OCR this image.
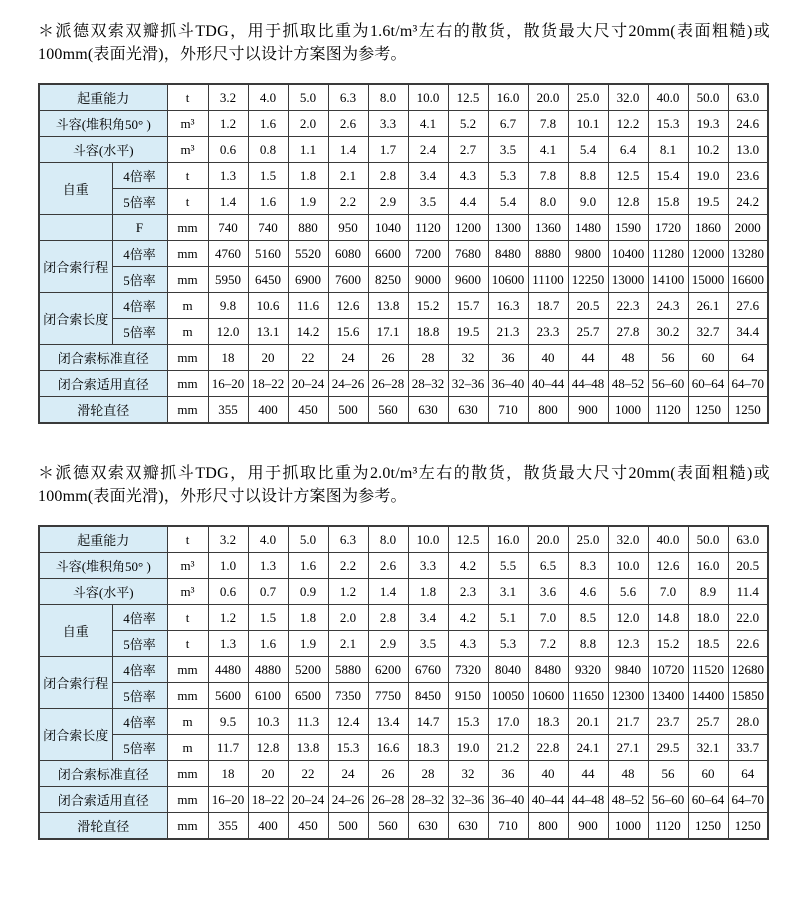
＊派德双索双瓣抓斗TDG，用于抓取比重为1.6t/m³左右的散货，散货最大尺寸20mm(表面粗糙)或100mm(表面光滑)，外形尺寸以设计方案图为参考。

起重能力		t	3.2	4.0	5.0	6.3	8.0	10.0	12.5	16.0	20.0	25.0	32.0	40.0	50.0	63.0
斗容(堆积角50° )		m³	1.2	1.6	2.0	2.6	3.3	4.1	5.2	6.7	7.8	10.1	12.2	15.3	19.3	24.6
斗容(水平)		m³	0.6	0.8	1.1	1.4	1.7	2.4	2.7	3.5	4.1	5.4	6.4	8.1	10.2	13.0
自重	4倍率	t	1.3	1.5	1.8	2.1	2.8	3.4	4.3	5.3	7.8	8.8	12.5	15.4	19.0	23.6
	5倍率	t	1.4	1.6	1.9	2.2	2.9	3.5	4.4	5.4	8.0	9.0	12.8	15.8	19.5	24.2
	F	mm	740	740	880	950	1040	1120	1200	1300	1360	1480	1590	1720	1860	2000
闭合索行程	4倍率	mm	4760	5160	5520	6080	6600	7200	7680	8480	8880	9800	10400	11280	12000	13280
	5倍率	mm	5950	6450	6900	7600	8250	9000	9600	10600	11100	12250	13000	14100	15000	16600
闭合索长度	4倍率	m	9.8	10.6	11.6	12.6	13.8	15.2	15.7	16.3	18.7	20.5	22.3	24.3	26.1	27.6
	5倍率	m	12.0	13.1	14.2	15.6	17.1	18.8	19.5	21.3	23.3	25.7	27.8	30.2	32.7	34.4
闭合索标准直径		mm	18	20	22	24	26	28	32	36	40	44	48	56	60	64
闭合索适用直径		mm	16–20	18–22	20–24	24–26	26–28	28–32	32–36	36–40	40–44	44–48	48–52	56–60	60–64	64–70
滑轮直径		mm	355	400	450	500	560	630	630	710	800	900	1000	1120	1250	1250

＊派德双索双瓣抓斗TDG，用于抓取比重为2.0t/m³左右的散货，散货最大尺寸20mm(表面粗糙)或100mm(表面光滑)，外形尺寸以设计方案图为参考。

起重能力		t	3.2	4.0	5.0	6.3	8.0	10.0	12.5	16.0	20.0	25.0	32.0	40.0	50.0	63.0
斗容(堆积角50° )		m³	1.0	1.3	1.6	2.2	2.6	3.3	4.2	5.5	6.5	8.3	10.0	12.6	16.0	20.5
斗容(水平)		m³	0.6	0.7	0.9	1.2	1.4	1.8	2.3	3.1	3.6	4.6	5.6	7.0	8.9	11.4
自重	4倍率	t	1.2	1.5	1.8	2.0	2.8	3.4	4.2	5.1	7.0	8.5	12.0	14.8	18.0	22.0
	5倍率	t	1.3	1.6	1.9	2.1	2.9	3.5	4.3	5.3	7.2	8.8	12.3	15.2	18.5	22.6
闭合索行程	4倍率	mm	4480	4880	5200	5880	6200	6760	7320	8040	8480	9320	9840	10720	11520	12680
	5倍率	mm	5600	6100	6500	7350	7750	8450	9150	10050	10600	11650	12300	13400	14400	15850
闭合索长度	4倍率	m	9.5	10.3	11.3	12.4	13.4	14.7	15.3	17.0	18.3	20.1	21.7	23.7	25.7	28.0
	5倍率	m	11.7	12.8	13.8	15.3	16.6	18.3	19.0	21.2	22.8	24.1	27.1	29.5	32.1	33.7
闭合索标准直径		mm	18	20	22	24	26	28	32	36	40	44	48	56	60	64
闭合索适用直径		mm	16–20	18–22	20–24	24–26	26–28	28–32	32–36	36–40	40–44	44–48	48–52	56–60	60–64	64–70
滑轮直径		mm	355	400	450	500	560	630	630	710	800	900	1000	1120	1250	1250
